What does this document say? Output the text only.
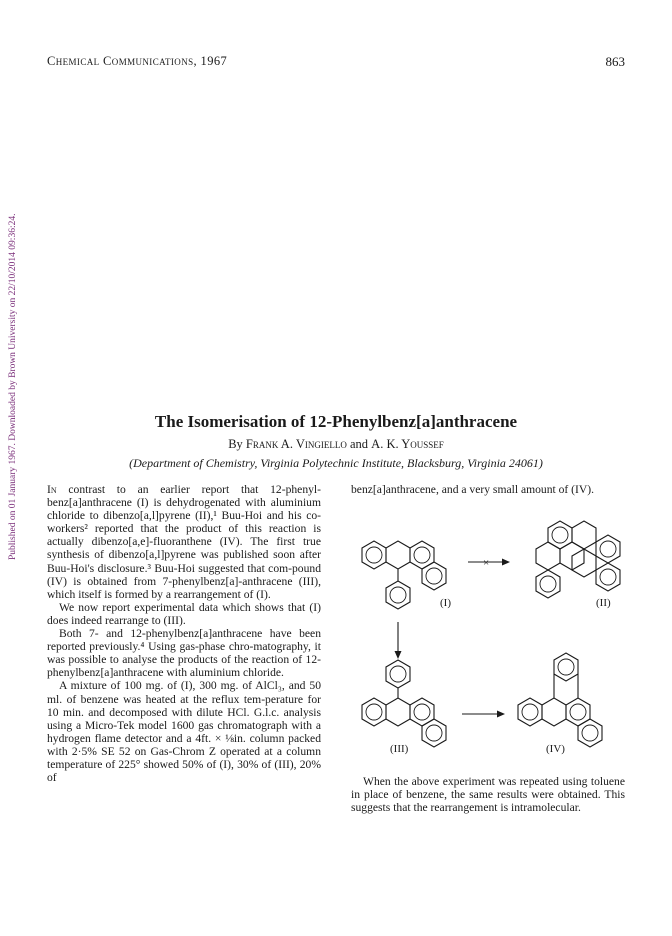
Chemical Communications, 1967	863
Published on 01 January 1967. Downloaded by Brown University on 22/10/2014 09:36:24.	The Isomerisation of 12-Phenylbenz[a]anthracene
By Frank A. Vingiello and A. K. Youssef
(Department of Chemistry, Virginia Polytechnic Institute, Blacksburg, Virginia 24061)

In contrast to an earlier report that 12-phenyl-benz[a]anthracene (I) is dehydrogenated with aluminium chloride to dibenzo[a,l]pyrene (II),¹ Buu-Hoi and his co-workers² reported that the product of this reaction is actually dibenzo[a,e]-fluoranthene (IV). The first true synthesis of dibenzo[a,l]pyrene was published soon after Buu-Hoi's disclosure.³ Buu-Hoi suggested that com-pound (IV) is obtained from 7-phenylbenz[a]-anthracene (III), which itself is formed by a rearrangement of (I).

We now report experimental data which shows that (I) does indeed rearrange to (III).

Both 7- and 12-phenylbenz[a]anthracene have been reported previously.⁴ Using gas-phase chro-matography, it was possible to analyse the products of the reaction of 12-phenylbenz[a]anthracene with aluminium chloride.

A mixture of 100 mg. of (I), 300 mg. of AlCl₃, and 50 ml. of benzene was heated at the reflux tem-perature for 10 min. and decomposed with dilute HCl. G.l.c. analysis using a Micro-Tek model 1600 gas chromatograph with a hydrogen flame detector and a 4ft. × ⅛in. column packed with 2·5% SE 52 on Gas-Chrom Z operated at a column temperature of 225° showed 50% of (I), 30% of (III), 20% of

benz[a]anthracene, and a very small amount of (IV).

(I)
×
(II)
(III)	(IV)

When the above experiment was repeated using toluene in place of benzene, the same results were obtained. This suggests that the rearrangement is intramolecular.
